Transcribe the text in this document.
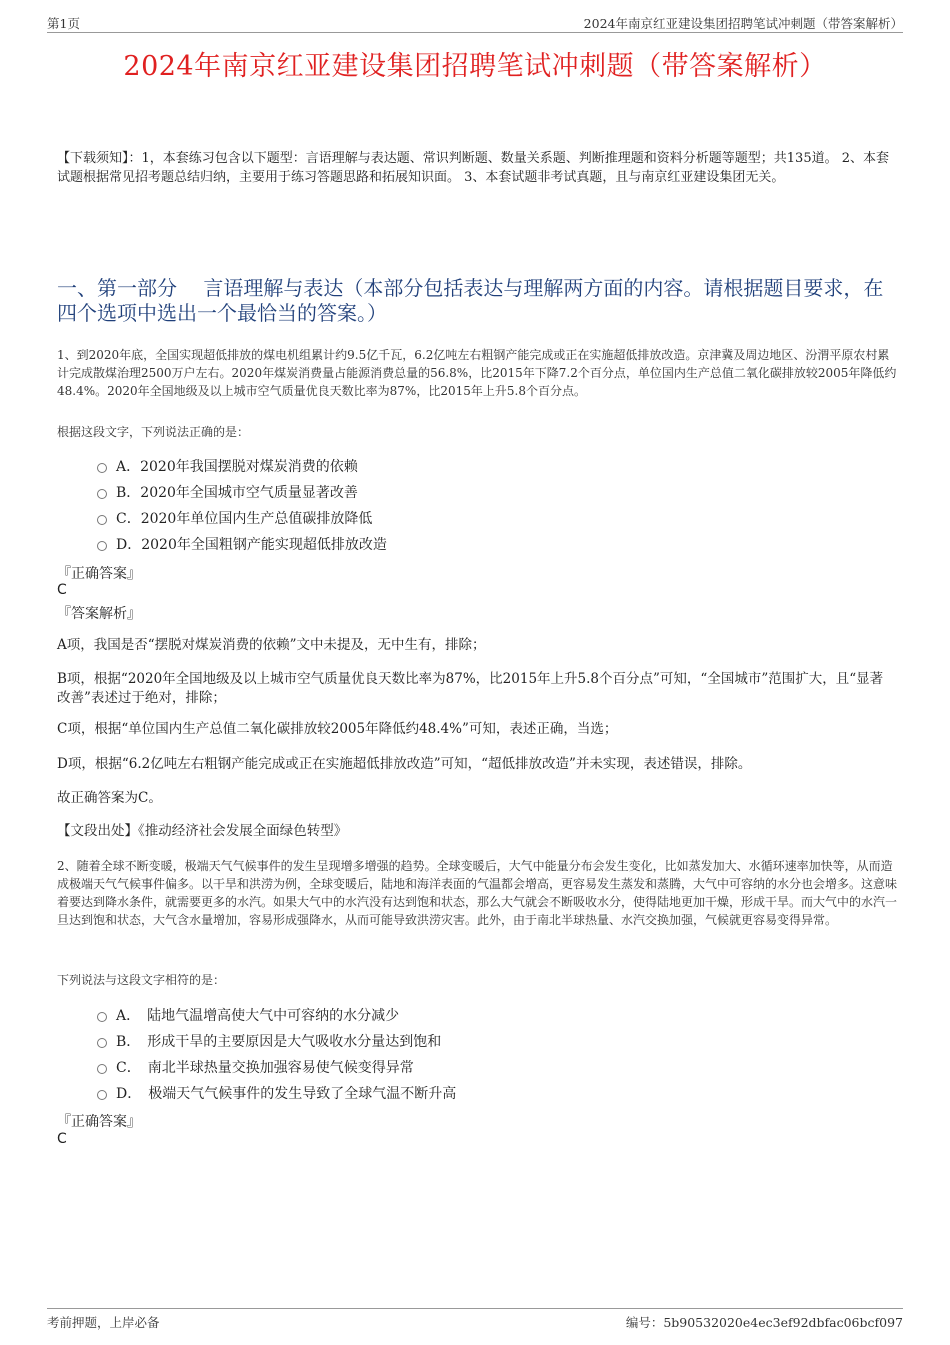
第1页	2024年南京红亚建设集团招聘笔试冲刺题（带答案解析）
2024年南京红亚建设集团招聘笔试冲刺题（带答案解析）
【下载须知】：1，本套练习包含以下题型：言语理解与表达题、常识判断题、数量关系题、判断推理题和资料分析题等题型；共135道。 2、本套试题根据常见招考题总结归纳，主要用于练习答题思路和拓展知识面。 3、本套试题非考试真题，且与南京红亚建设集团无关。
一、第一部分　 言语理解与表达（本部分包括表达与理解两方面的内容。请根据题目要求，在四个选项中选出一个最恰当的答案。）

1、到2020年底，全国实现超低排放的煤电机组累计约9.5亿千瓦，6.2亿吨左右粗钢产能完成或正在实施超低排放改造。京津冀及周边地区、汾渭平原农村累计完成散煤治理2500万户左右。2020年煤炭消费量占能源消费总量的56.8%，比2015年下降7.2个百分点，单位国内生产总值二氧化碳排放较2005年降低约48.4%。2020年全国地级及以上城市空气质量优良天数比率为87%，比2015年上升5.8个百分点。

根据这段文字，下列说法正确的是：

A．2020年我国摆脱对煤炭消费的依赖
B．2020年全国城市空气质量显著改善
C．2020年单位国内生产总值碳排放降低
D．2020年全国粗钢产能实现超低排放改造
『正确答案』
C
『答案解析』
A项，我国是否“摆脱对煤炭消费的依赖”文中未提及，无中生有，排除；
B项，根据“2020年全国地级及以上城市空气质量优良天数比率为87%，比2015年上升5.8个百分点”可知，“全国城市”范围扩大，且“显著改善”表述过于绝对，排除；
C项，根据“单位国内生产总值二氧化碳排放较2005年降低约48.4%”可知，表述正确，当选；
D项，根据“6.2亿吨左右粗钢产能完成或正在实施超低排放改造”可知，“超低排放改造”并未实现，表述错误，排除。
故正确答案为C。
【文段出处】《推动经济社会发展全面绿色转型》

2、随着全球不断变暖，极端天气气候事件的发生呈现增多增强的趋势。全球变暖后，大气中能量分布会发生变化，比如蒸发加大、水循环速率加快等，从而造成极端天气气候事件偏多。以干旱和洪涝为例，全球变暖后，陆地和海洋表面的气温都会增高，更容易发生蒸发和蒸腾，大气中可容纳的水分也会增多。这意味着要达到降水条件，就需要更多的水汽。如果大气中的水汽没有达到饱和状态，那么大气就会不断吸收水分，使得陆地更加干燥，形成干旱。而大气中的水汽一旦达到饱和状态，大气含水量增加，容易形成强降水，从而可能导致洪涝灾害。此外，由于南北半球热量、水汽交换加强，气候就更容易变得异常。

下列说法与这段文字相符的是：

A．　陆地气温增高使大气中可容纳的水分减少
B．　形成干旱的主要原因是大气吸收水分量达到饱和
C．　南北半球热量交换加强容易使气候变得异常
D．　极端天气气候事件的发生导致了全球气温不断升高
『正确答案』
C
考前押题，上岸必备	编号：5b90532020e4ec3ef92dbfac06bcf097
